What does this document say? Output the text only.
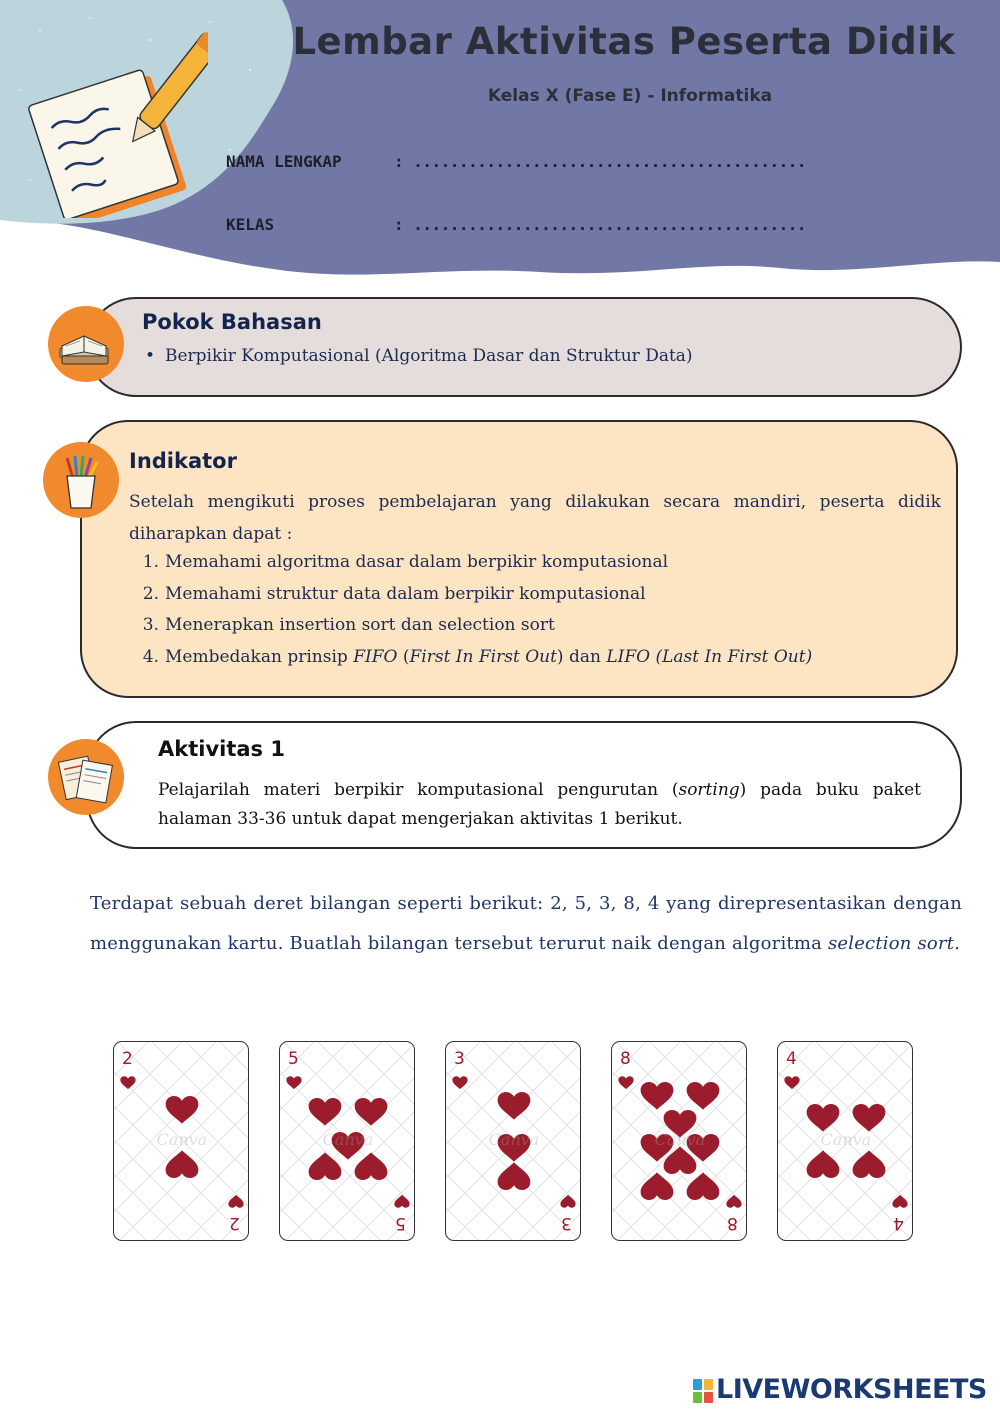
Lembar Aktivitas Peserta Didik
Kelas X (Fase E) - Informatika
NAMA LENGKAP	: ...........................................
KELAS	: ...........................................
Pokok Bahasan
• Berpikir Komputasional (Algoritma Dasar dan Struktur Data)
Indikator
Setelah mengikuti proses pembelajaran yang dilakukan secara mandiri, peserta didik diharapkan dapat :
1. Memahami algoritma dasar dalam berpikir komputasional
2. Memahami struktur data dalam berpikir komputasional
3. Menerapkan insertion sort dan selection sort
4. Membedakan prinsip FIFO (First In First Out) dan LIFO (Last In First Out)
Aktivitas 1
Pelajarilah materi berpikir komputasional pengurutan (sorting) pada buku paket halaman 33-36 untuk dapat mengerjakan aktivitas 1 berikut.
Terdapat sebuah deret bilangan seperti berikut: 2, 5, 3, 8, 4 yang direpresentasikan dengan menggunakan kartu. Buatlah bilangan tersebut terurut naik dengan algoritma selection sort.
Canva
2
2
Canva
5
5
Canva
3
3
Canva
8
8
Canva
4
4
LIVEWORKSHEETS
